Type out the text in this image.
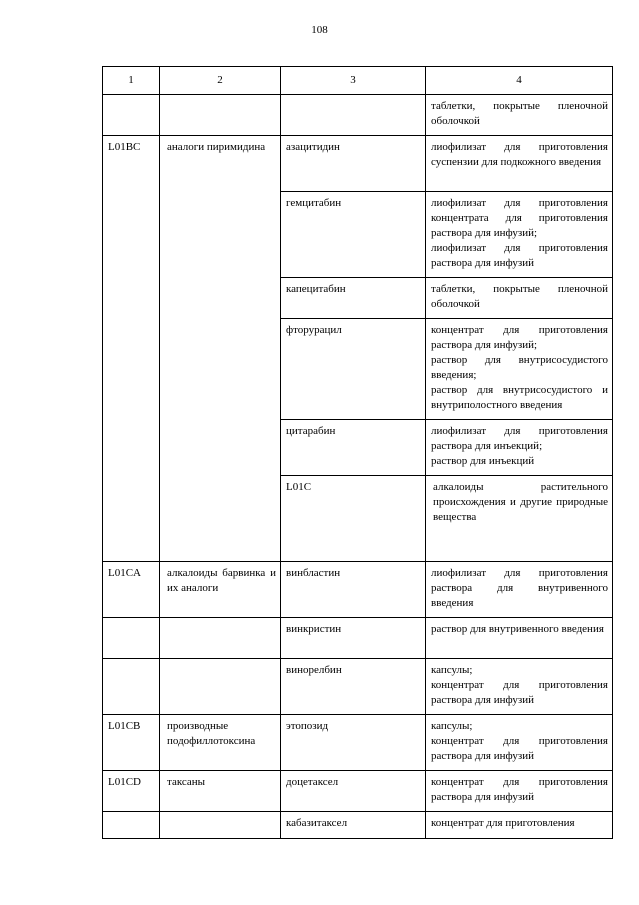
108
1	2	3	4	

			таблетки, покрытые пленочной оболочкой	

L01BC	аналоги пиримидина	азацитидин	лиофилизат для приготовления суспензии для подкожного введения	

		гемцитабин	лиофилизат для приготовления концентрата для приготовления раствора для инфузий;
лиофилизат для приготовления раствора для инфузий	

		капецитабин	таблетки, покрытые пленочной оболочкой	

		фторурацил	концентрат для приготовления раствора для инфузий;
раствор для внутрисосудистого введения;
раствор для внутрисосудистого и внутриполостного введения	

		цитарабин	лиофилизат для приготовления раствора для инъекций;
раствор для инъекций	

		L01C	алкалоиды растительного происхождения и другие природные вещества		
L01CA	алкалоиды барвинка и их аналоги	винбластин	лиофилизат для приготовления раствора для внутривенного введения	

		винкристин	раствор для внутривенного введения	

		винорелбин	капсулы;
концентрат для приготовления раствора для инфузий	

L01CB	производные подофиллотоксина	этопозид	капсулы;
концентрат для приготовления раствора для инфузий	

L01CD	таксаны	доцетаксел	концентрат для приготовления раствора для инфузий	

		кабазитаксел	концентрат для приготовления	
